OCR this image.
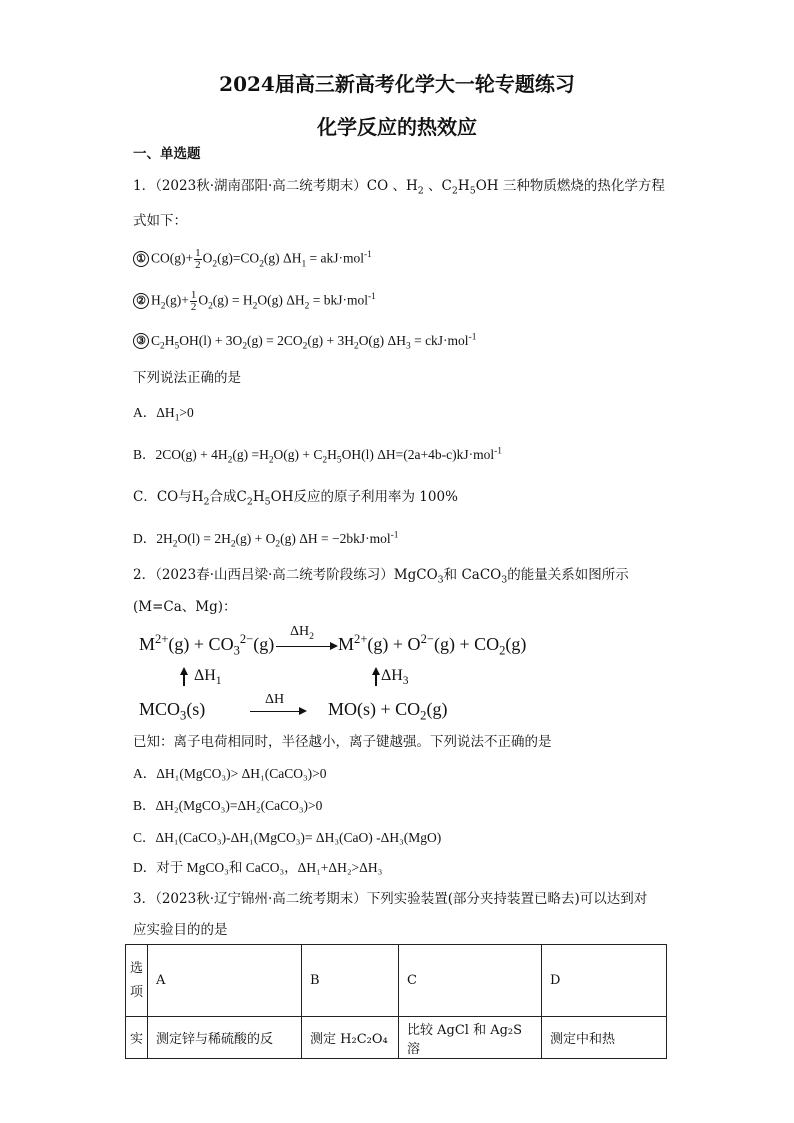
2024届高三新高考化学大一轮专题练习
化学反应的热效应
一、单选题
1．（2023秋·湖南邵阳·高二统考期末）CO 、$H_2$ 、$C_2H_5OH$ 三种物质燃烧的热化学方程
式如下：
① $CO(g)+ \frac{1}{2} O_2(g)=CO_2(g) \Delta H_1 = akJ\cdot mol^{-1}$
② $H_2(g)+ \frac{1}{2} O_2(g) = H_2O(g) \Delta H_2 = bkJ\cdot mol^{-1}$
③ $C_2H_5OH(l) + 3O_2(g) = 2CO_2(g) + 3H_2O(g) \Delta H_3 = ckJ\cdot mol^{-1}$
下列说法正确的是
A．$\Delta H_1>0$
B．$2CO(g) + 4H_2(g) =H_2O(g) + C_2H_5OH(l)$ ΔH=(2a+4b-c)kJ·mol$^{-1}$
C．CO与$H_2$合成$C_2H_5OH$反应的原子利用率为 100%
D．$2H_2O(l) = 2H_2(g) + O_2(g) \Delta H = -2bkJ\cdot mol^{-1}$
2．（2023春·山西吕梁·高二统考阶段练习）MgCO$_3$和 CaCO$_3$的能量关系如图所示
(M=Ca、Mg)：
$M^{2+}(g) + CO_3^{2-}(g)$
$\Delta H_2$ $M^{2+}(g) + O^{2-}(g) + CO_2(g)$
$\Delta H_1$	$\Delta H_3$
$MCO_3(s)$	ΔH $MO(s) + CO_2(g)$
已知：离子电荷相同时，半径越小，离子键越强。下列说法不正确的是
A．ΔH₁(MgCO₃)> ΔH₁(CaCO₃)>0
B．ΔH₂(MgCO₃)=ΔH₂(CaCO₃)>0
C．ΔH₁(CaCO₃)-ΔH₁(MgCO₃)= ΔH₃(CaO) -ΔH₃(MgO)
D．对于 MgCO₃和 CaCO₃，ΔH₁+ΔH₂>ΔH₃
3．（2023秋·辽宁锦州·高二统考期末）下列实验装置(部分夹持装置已略去)可以达到对
应实验目的的是
选
项	A	B	C	D
实	测定锌与稀硫酸的反	测定 H₂C₂O₄	比较 AgCl 和 Ag₂S 溶	测定中和热
